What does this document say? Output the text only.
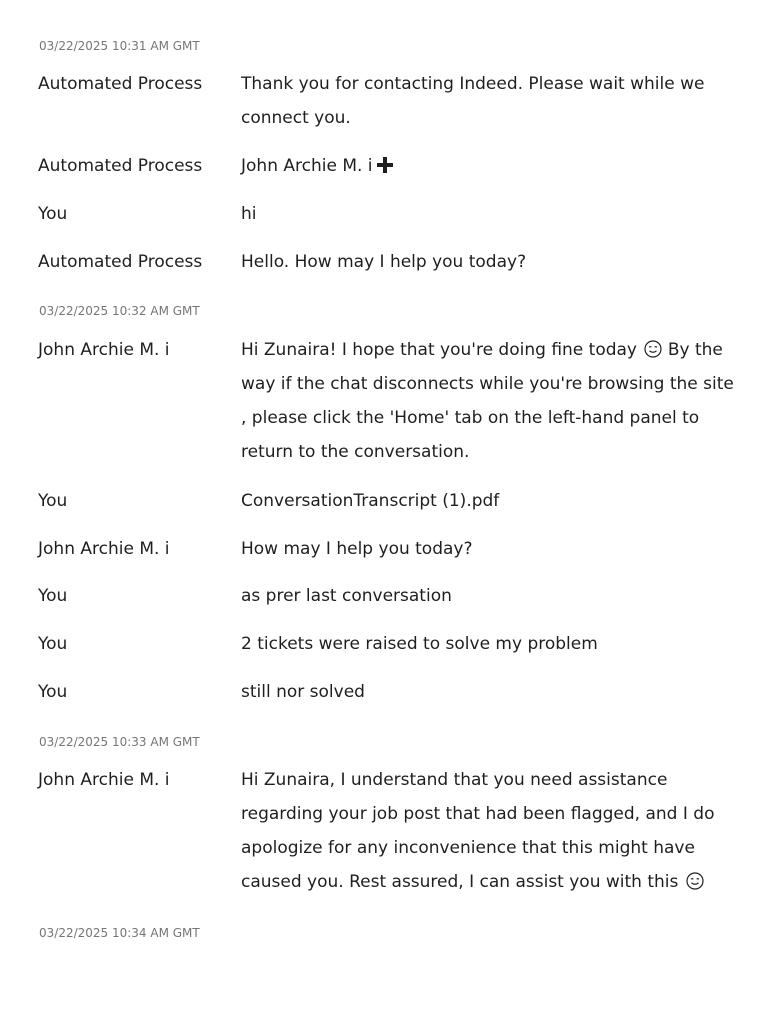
03/22/2025 10:31 AM GMT
Automated Process Thank you for contacting Indeed. Please wait while we
connect you.
Automated Process John Archie M. i
You	hi
Automated Process Hello. How may I help you today?
03/22/2025 10:32 AM GMT
John Archie M. i	Hi Zunaira! I hope that you're doing fine today By the
way if the chat disconnects while you're browsing the site
, please click the 'Home' tab on the left-hand panel to
return to the conversation.
You	ConversationTranscript (1).pdf
John Archie M. i	How may I help you today?
You	as prer last conversation
You	2 tickets were raised to solve my problem
You	still nor solved
03/22/2025 10:33 AM GMT
John Archie M. i	Hi Zunaira, I understand that you need assistance
regarding your job post that had been flagged, and I do
apologize for any inconvenience that this might have
caused you. Rest assured, I can assist you with this
03/22/2025 10:34 AM GMT
